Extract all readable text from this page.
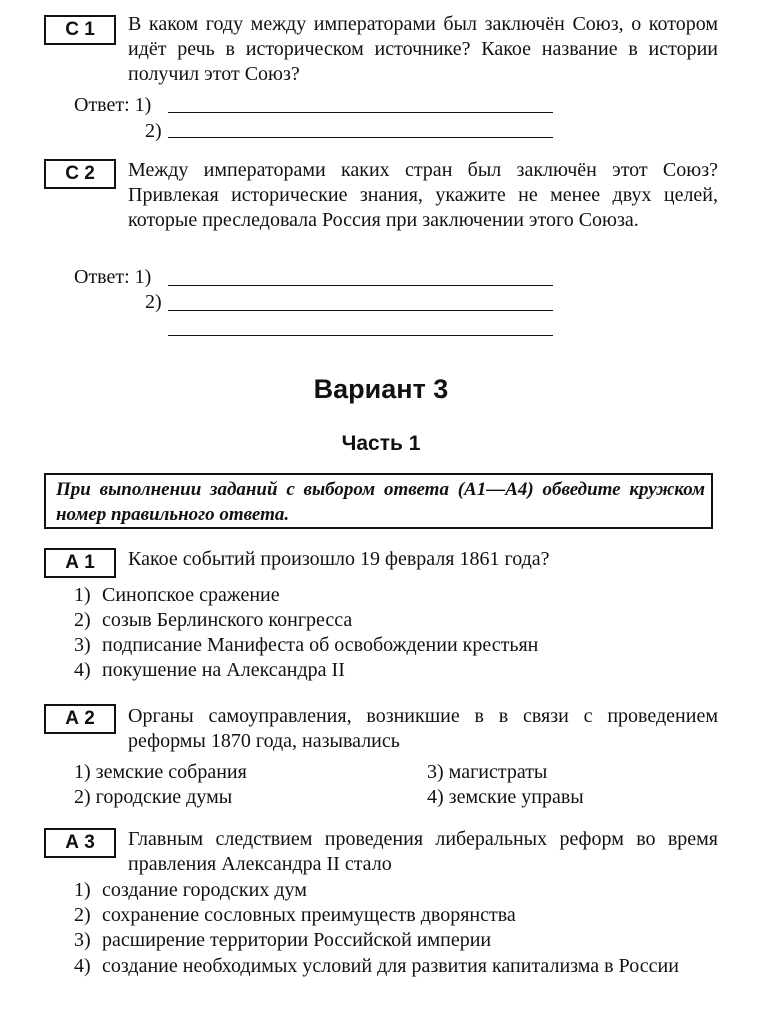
С 1	В каком году между императорами был заключён Союз, о котором идёт речь в историческом источнике? Какое название в истории получил этот Союз?
Ответ: 1)
2)
С 2	Между императорами каких стран был заключён этот Союз? Привлекая исторические знания, укажите не менее двух целей, которые преследовала Россия при заключении этого Союза.
Ответ: 1)
2)
Вариант 3
Часть 1
При выполнении заданий с выбором ответа (А1—А4) обведите кружком номер правильного ответа.
А 1	Какое событий произошло 19 февраля 1861 года?
1) Синопское сражение
2) созыв Берлинского конгресса
3) подписание Манифеста об освобождении крестьян
4) покушение на Александра II
А 2	Органы самоуправления, возникшие в в связи с проведением реформы 1870 года, назывались
1) земские собрания
2) городские думы
3) магистраты
4) земские управы
А 3	Главным следствием проведения либеральных реформ во время правления Александра II стало
1) создание городских дум
2) сохранение сословных преимуществ дворянства
3) расширение территории Российской империи
4) создание необходимых условий для развития капитализма в России
